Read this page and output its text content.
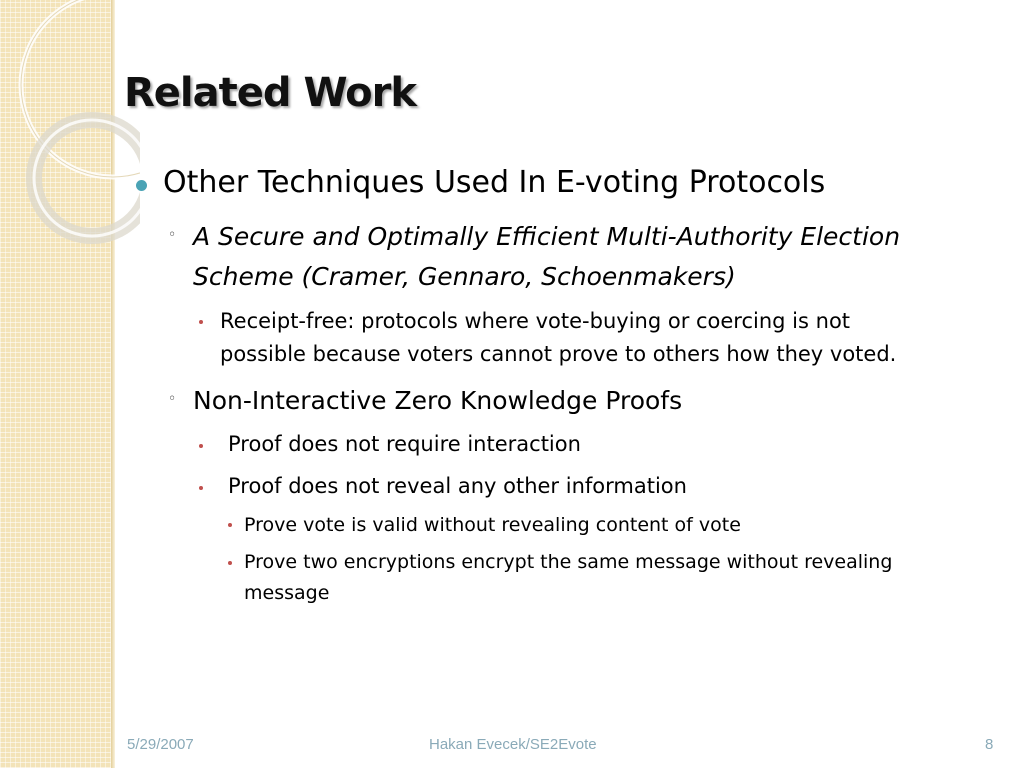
Related Work
Other Techniques Used In E-voting Protocols
◦ A Secure and Optimally Efficient Multi-Authority Election
Scheme (Cramer, Gennaro, Schoenmakers)
Receipt-free: protocols where vote-buying or coercing is not
possible because voters cannot prove to others how they voted.
◦ Non-Interactive Zero Knowledge Proofs
Proof does not require interaction
Proof does not reveal any other information
Prove vote is valid without revealing content of vote
Prove two encryptions encrypt the same message without revealing
message
5/29/2007	Hakan Evecek/SE2Evote	8
